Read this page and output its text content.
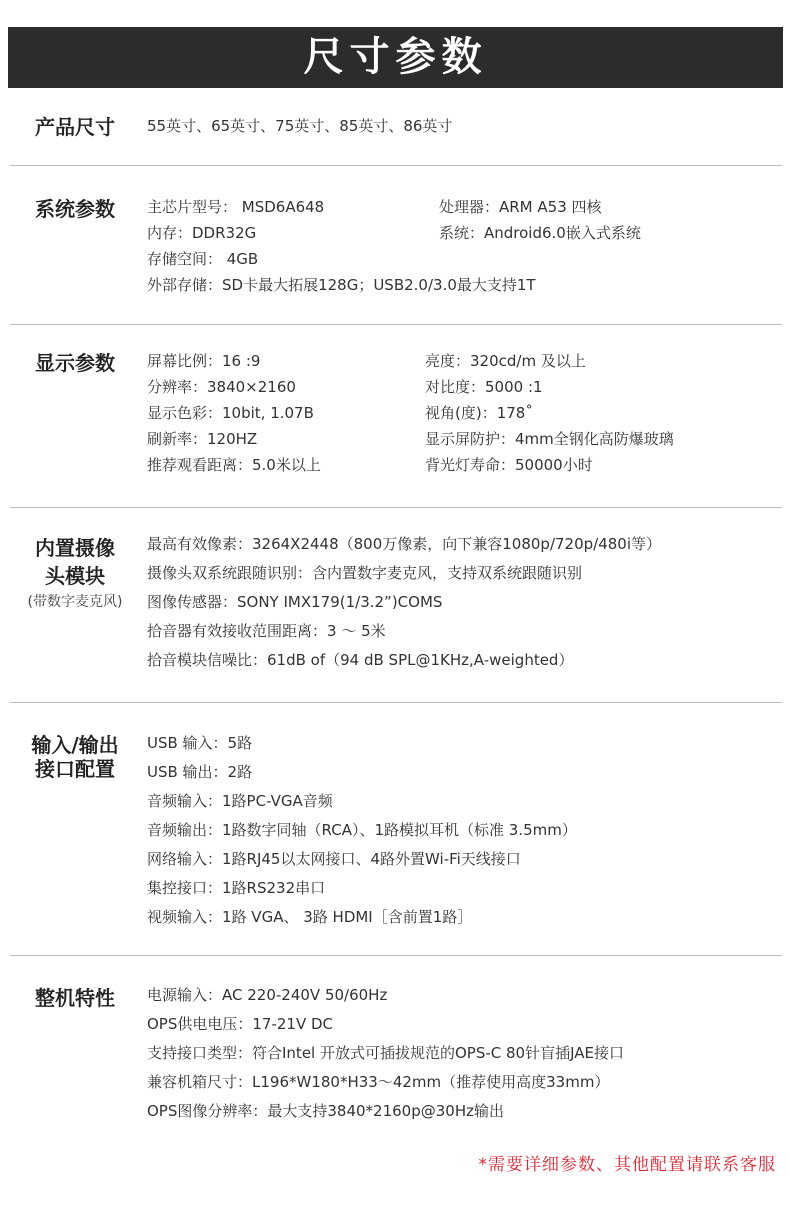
尺寸参数
产品尺寸	55英寸、65英寸、75英寸、85英寸、86英寸
系统参数	主芯片型号： MSD6A648	处理器：ARM A53 四核
内存：DDR32G	系统：Android6.0嵌入式系统
存储空间： 4GB
外部存储：SD卡最大拓展128G；USB2.0/3.0最大支持1T
显示参数	屏幕比例：16 :9	亮度：320cd/m 及以上
分辨率：3840×2160	对比度：5000 :1
显示色彩：10bit, 1.07B	视角(度)：178˚
刷新率：120HZ	显示屏防护：4mm全钢化高防爆玻璃
推荐观看距离：5.0米以上	背光灯寿命：50000小时
内置摄像
头模块
(带数字麦克风)
最高有效像素：3264X2448（800万像素，向下兼容1080p/720p/480i等）
摄像头双系统跟随识别：含内置数字麦克风，支持双系统跟随识别
图像传感器：SONY IMX179(1/3.2”)COMS
拾音器有效接收范围距离：3 ～ 5米
拾音模块信噪比：61dB of（94 dB SPL@1KHz,A-weighted）
输入/输出
接口配置
USB 输入：5路
USB 输出：2路
音频输入：1路PC-VGA音频
音频输出：1路数字同轴（RCA）、1路模拟耳机（标准 3.5mm）
网络输入：1路RJ45以太网接口、4路外置Wi-Fi天线接口
集控接口：1路RS232串口
视频输入：1路 VGA、 3路 HDMI［含前置1路］
整机特性	电源输入：AC 220-240V 50/60Hz
OPS供电电压：17-21V DC
支持接口类型：符合Intel 开放式可插拔规范的OPS-C 80针盲插JAE接口
兼容机箱尺寸：L196*W180*H33～42mm（推荐使用高度33mm）
OPS图像分辨率：最大支持3840*2160p@30Hz输出
*需要详细参数、其他配置请联系客服
